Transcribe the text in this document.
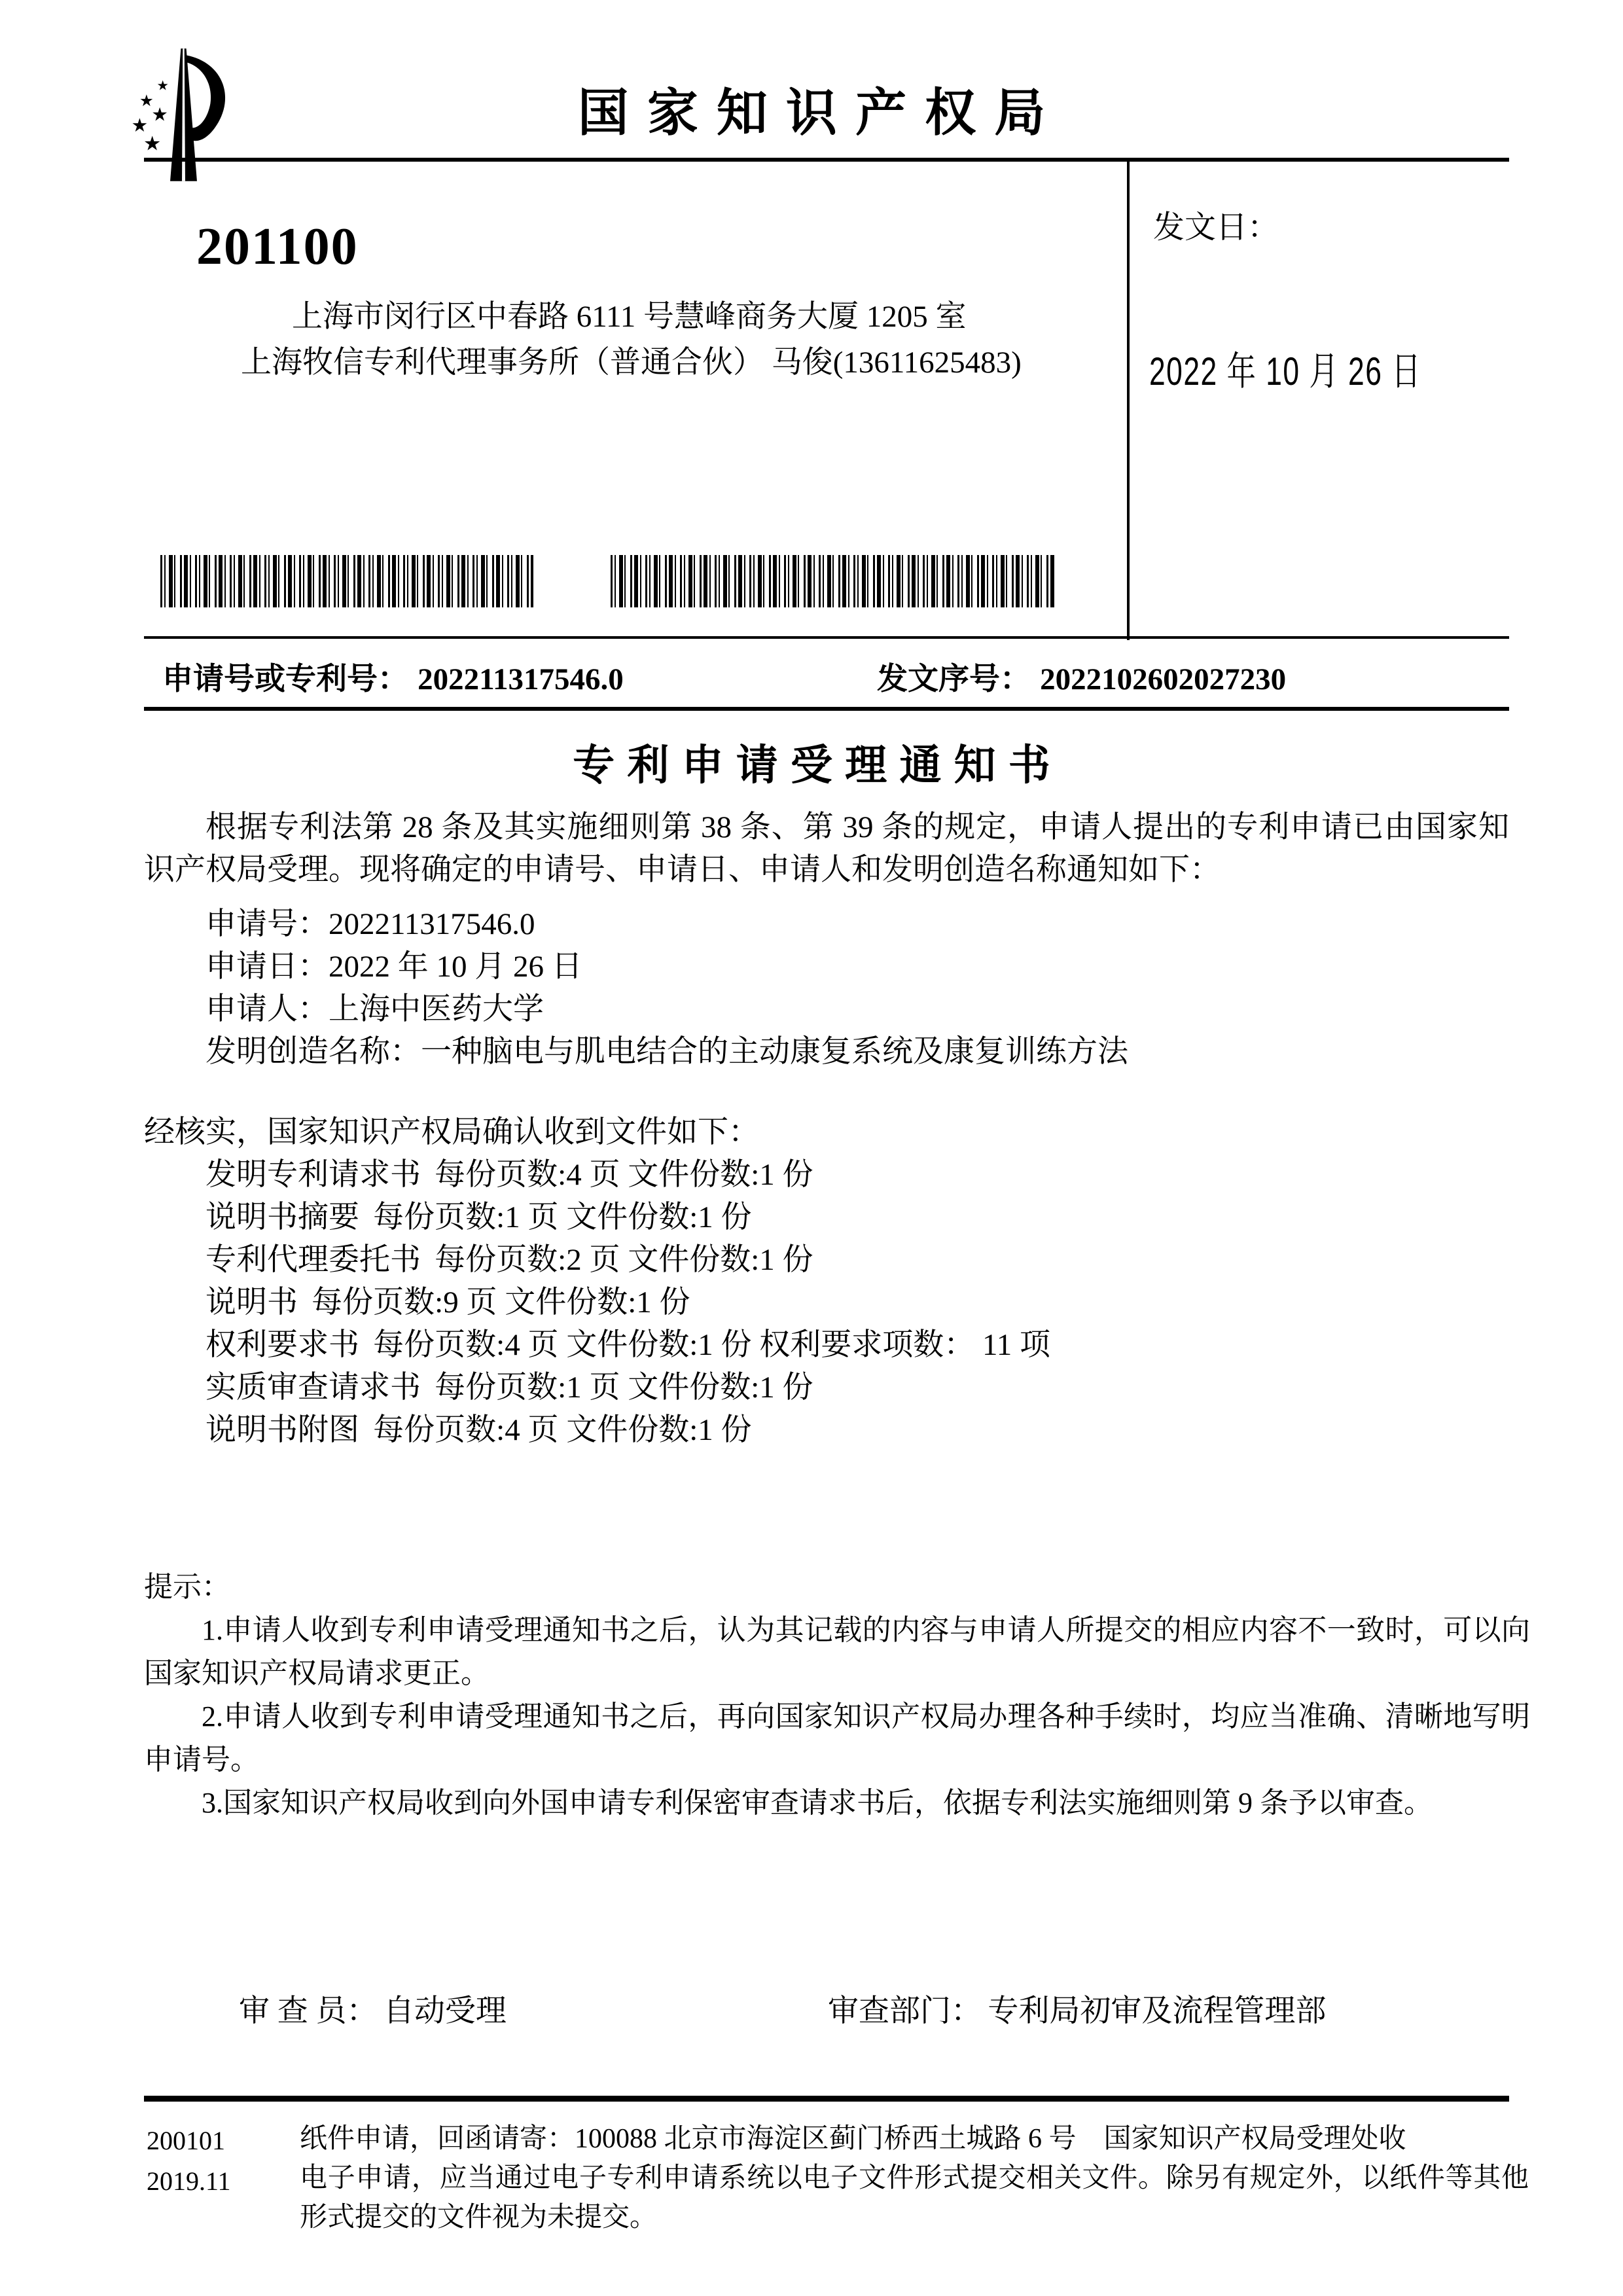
★
★
★
★
★
国家知识产权局
发文日：
2022 年 10 月 26 日
201100
上海市闵行区中春路 6111 号慧峰商务大厦 1205 室
上海牧信专利代理事务所（普通合伙） 马俊(13611625483)
申请号或专利号： 202211317546.0	发文序号： 2022102602027230
专利申请受理通知书

根据专利法第 28 条及其实施细则第 38 条、第 39 条的规定，申请人提出的专利申请已由国家知识产权局受理。现将确定的申请号、申请日、申请人和发明创造名称通知如下：

申请号：202211317546.0
申请日：2022 年 10 月 26 日
申请人：上海中医药大学
发明创造名称：一种脑电与肌电结合的主动康复系统及康复训练方法

经核实，国家知识产权局确认收到文件如下：

发明专利请求书 每份页数:4 页 文件份数:1 份
说明书摘要 每份页数:1 页 文件份数:1 份
专利代理委托书 每份页数:2 页 文件份数:1 份
说明书 每份页数:9 页 文件份数:1 份
权利要求书 每份页数:4 页 文件份数:1 份 权利要求项数： 11 项
实质审查请求书 每份页数:1 页 文件份数:1 份
说明书附图 每份页数:4 页 文件份数:1 份

提示：

1.申请人收到专利申请受理通知书之后，认为其记载的内容与申请人所提交的相应内容不一致时，可以向国家知识产权局请求更正。

2.申请人收到专利申请受理通知书之后，再向国家知识产权局办理各种手续时，均应当准确、清晰地写明申请号。

3.国家知识产权局收到向外国申请专利保密审查请求书后，依据专利法实施细则第 9 条予以审查。

审 查 员： 自动受理	审查部门： 专利局初审及流程管理部
200101
2019.11

纸件申请，回函请寄：100088 北京市海淀区蓟门桥西土城路 6 号　国家知识产权局受理处收

电子申请，应当通过电子专利申请系统以电子文件形式提交相关文件。除另有规定外，以纸件等其他形式提交的文件视为未提交。
